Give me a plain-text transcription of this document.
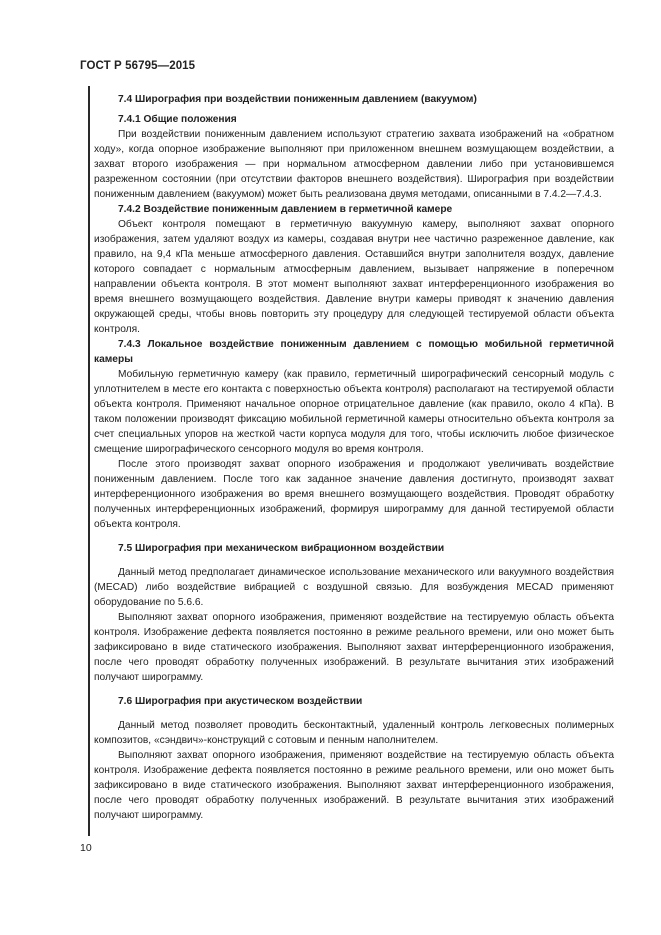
ГОСТ Р 56795—2015
7.4 Ширография при воздействии пониженным давлением (вакуумом)
7.4.1 Общие положения

При воздействии пониженным давлением используют стратегию захвата изображений на «обратном ходу», когда опорное изображение выполняют при приложенном внешнем возмущающем воздействии, а захват второго изображения — при нормальном атмосферном давлении либо при установившемся разреженном состоянии (при отсутствии факторов внешнего воздействия). Ширография при воздействии пониженным давлением (вакуумом) может быть реализована двумя методами, описанными в 7.4.2—7.4.3.

7.4.2 Воздействие пониженным давлением в герметичной камере

Объект контроля помещают в герметичную вакуумную камеру, выполняют захват опорного изображения, затем удаляют воздух из камеры, создавая внутри нее частично разреженное давление, как правило, на 9,4 кПа меньше атмосферного давления. Оставшийся внутри заполнителя воздух, давление которого совпадает с нормальным атмосферным давлением, вызывает напряжение в поперечном направлении объекта контроля. В этот момент выполняют захват интерференционного изображения во время внешнего возмущающего воздействия. Давление внутри камеры приводят к значению давления окружающей среды, чтобы вновь повторить эту процедуру для следующей тестируемой области объекта контроля.

7.4.3 Локальное воздействие пониженным давлением с помощью мобильной герметичной камеры

Мобильную герметичную камеру (как правило, герметичный ширографический сенсорный модуль с уплотнителем в месте его контакта с поверхностью объекта контроля) располагают на тестируемой области объекта контроля. Применяют начальное опорное отрицательное давление (как правило, около 4 кПа). В таком положении производят фиксацию мобильной герметичной камеры относительно объекта контроля за счет специальных упоров на жесткой части корпуса модуля для того, чтобы исключить любое физическое смещение ширографического сенсорного модуля во время контроля.

После этого производят захват опорного изображения и продолжают увеличивать воздействие пониженным давлением. После того как заданное значение давления достигнуто, производят захват интерференционного изображения во время внешнего возмущающего воздействия. Проводят обработку полученных интерференционных изображений, формируя широграмму для данной тестируемой области объекта контроля.

7.5 Ширография при механическом вибрационном воздействии

Данный метод предполагает динамическое использование механического или вакуумного воздействия (MECAD) либо воздействие вибрацией с воздушной связью. Для возбуждения MECAD применяют оборудование по 5.6.6.

Выполняют захват опорного изображения, применяют воздействие на тестируемую область объекта контроля. Изображение дефекта появляется постоянно в режиме реального времени, или оно может быть зафиксировано в виде статического изображения. Выполняют захват интерференционного изображения, после чего проводят обработку полученных изображений. В результате вычитания этих изображений получают широграмму.

7.6 Ширография при акустическом воздействии

Данный метод позволяет проводить бесконтактный, удаленный контроль легковесных полимерных композитов, «сэндвич»-конструкций с сотовым и пенным наполнителем.

Выполняют захват опорного изображения, применяют воздействие на тестируемую область объекта контроля. Изображение дефекта появляется постоянно в режиме реального времени, или оно может быть зафиксировано в виде статического изображения. Выполняют захват интерференционного изображения, после чего проводят обработку полученных изображений. В результате вычитания этих изображений получают широграмму.

10
